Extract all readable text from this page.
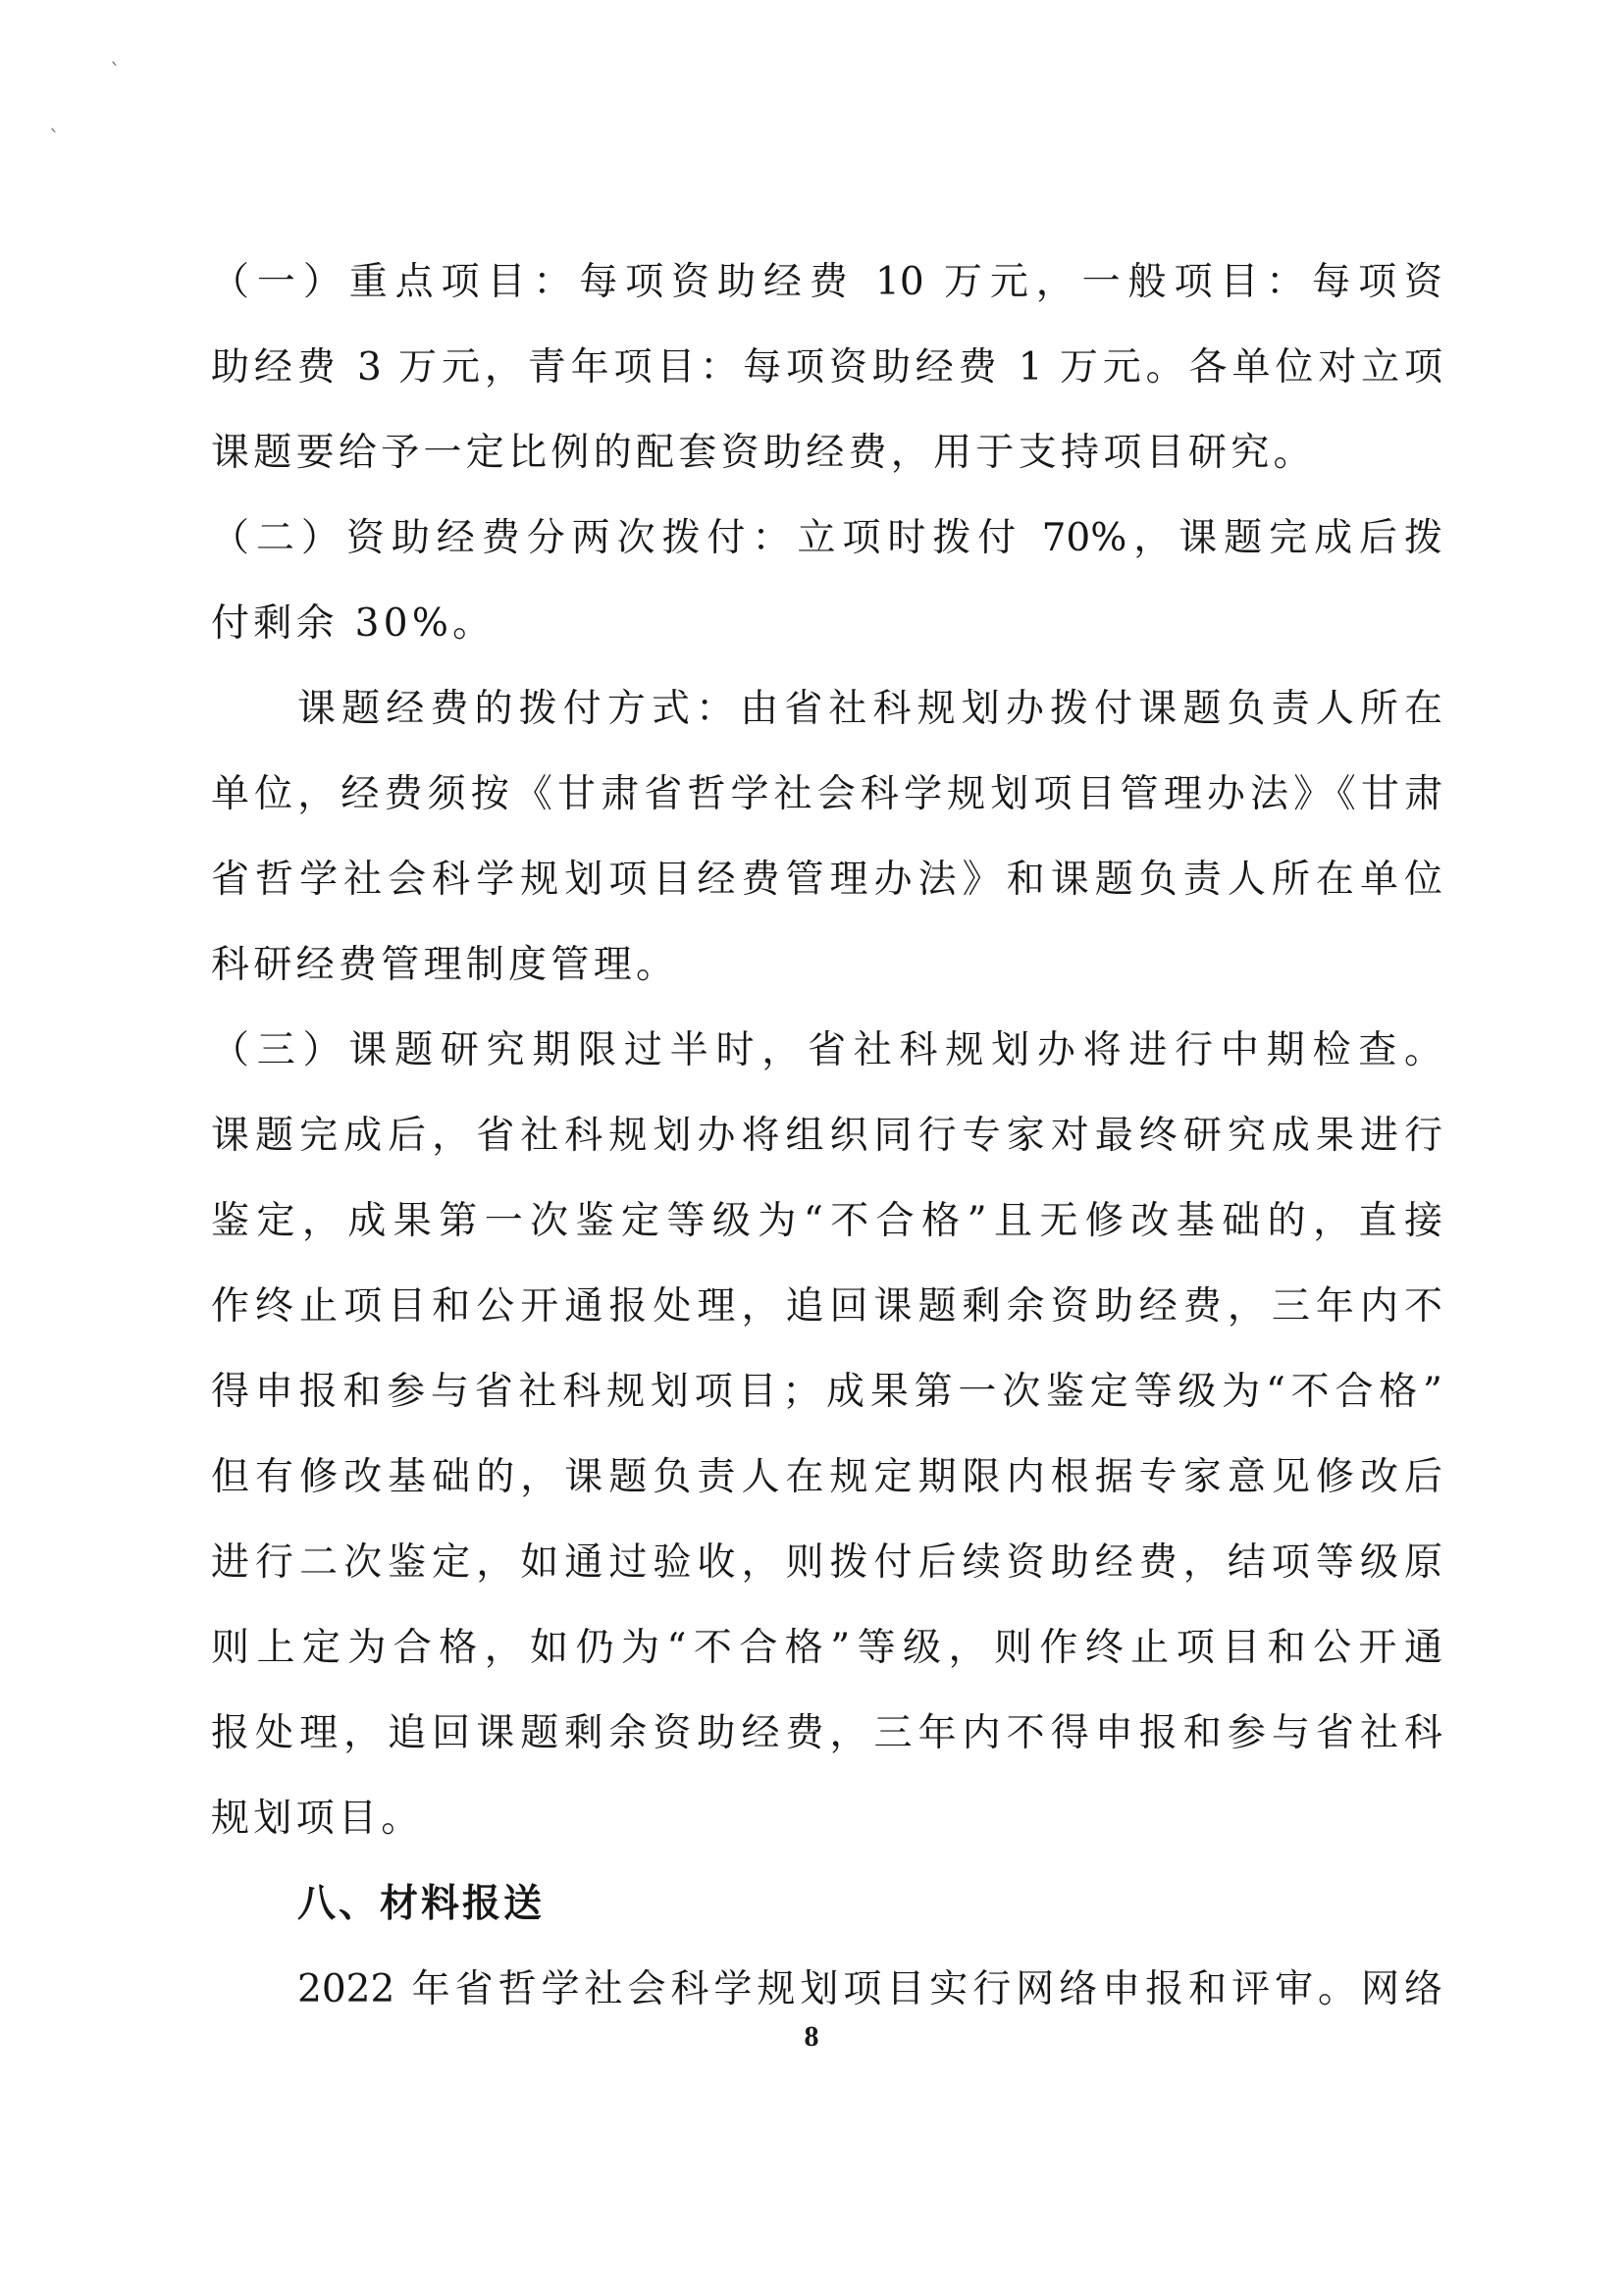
`
`
（一）重点项目：每项资助经费 10 万元，一般项目：每项资
助经费 3 万元，青年项目：每项资助经费 1 万元。各单位对立项
课题要给予一定比例的配套资助经费，用于支持项目研究。
（二）资助经费分两次拨付：立项时拨付 70%，课题完成后拨
付剩余 30%。
课题经费的拨付方式：由省社科规划办拨付课题负责人所在
单位，经费须按《甘肃省哲学社会科学规划项目管理办法》《甘肃
省哲学社会科学规划项目经费管理办法》和课题负责人所在单位
科研经费管理制度管理。
（三）课题研究期限过半时，省社科规划办将进行中期检查。
课题完成后，省社科规划办将组织同行专家对最终研究成果进行
鉴定，成果第一次鉴定等级为“不合格”且无修改基础的，直接
作终止项目和公开通报处理，追回课题剩余资助经费，三年内不
得申报和参与省社科规划项目；成果第一次鉴定等级为“不合格”
但有修改基础的，课题负责人在规定期限内根据专家意见修改后
进行二次鉴定，如通过验收，则拨付后续资助经费，结项等级原
则上定为合格，如仍为“不合格”等级，则作终止项目和公开通
报处理，追回课题剩余资助经费，三年内不得申报和参与省社科
规划项目。
八、材料报送
2022 年省哲学社会科学规划项目实行网络申报和评审。网络
8
